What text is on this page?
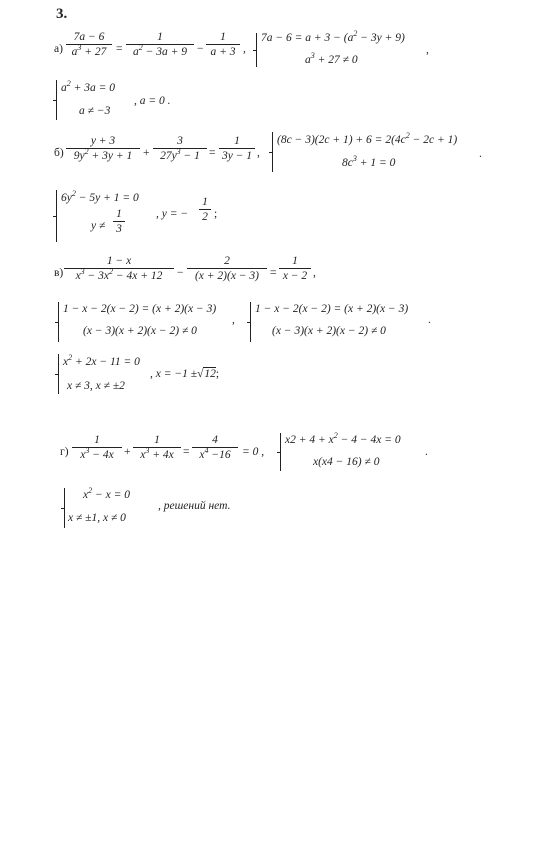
3.
$а) \frac{7a - 6}{a^3 + 27} = \frac{1}{a^2 - 3a + 9} - \frac{1}{a + 3}$ ,
$7a - 6 = a + 3 - (a^2 - 3y + 9)$
$a^3 + 27 \ne 0$
,
$a^2 + 3a = 0$
a ≠ −3
, a = 0 .
$б) \frac{y + 3}{9y^2 + 3y + 1} + \frac{3}{27y^3 - 1} = \frac{1}{3y - 1}$ ,
$(8c - 3)(2c + 1) + 6 = 2(4c^2 - 2c + 1)$
$8c^3 + 1 = 0$
.
$6y^2 - 5y + 1 = 0$
$y \ne \frac{1}{3}$	, y = − $\frac{1}{2}$ ;
$в) \frac{1 - x}{x^3 - 3x^2 - 4x + 12} - \frac{2}{(x + 2)(x - 3)} = \frac{1}{x - 2}$ ,
1 − x − 2(x − 2) = (x + 2)(x − 3)
(x − 3)(x + 2)(x − 2) ≠ 0
,
1 − x − 2(x − 2) = (x + 2)(x − 3)
(x − 3)(x + 2)(x − 2) ≠ 0
.
$x^2 + 2x - 11 = 0$
x ≠ 3, x ≠ ±2
, x = −1 ±√12;
$г) \frac{1}{x^3 - 4x} + \frac{1}{x^3 + 4x} = \frac{4}{x^4 -16} = 0$ ,
$x2 + 4 + x^2 - 4 - 4x = 0$
x(x4 − 16) ≠ 0
.
$x^2 - x = 0$
x ≠ ±1, x ≠ 0
, решений нет.
